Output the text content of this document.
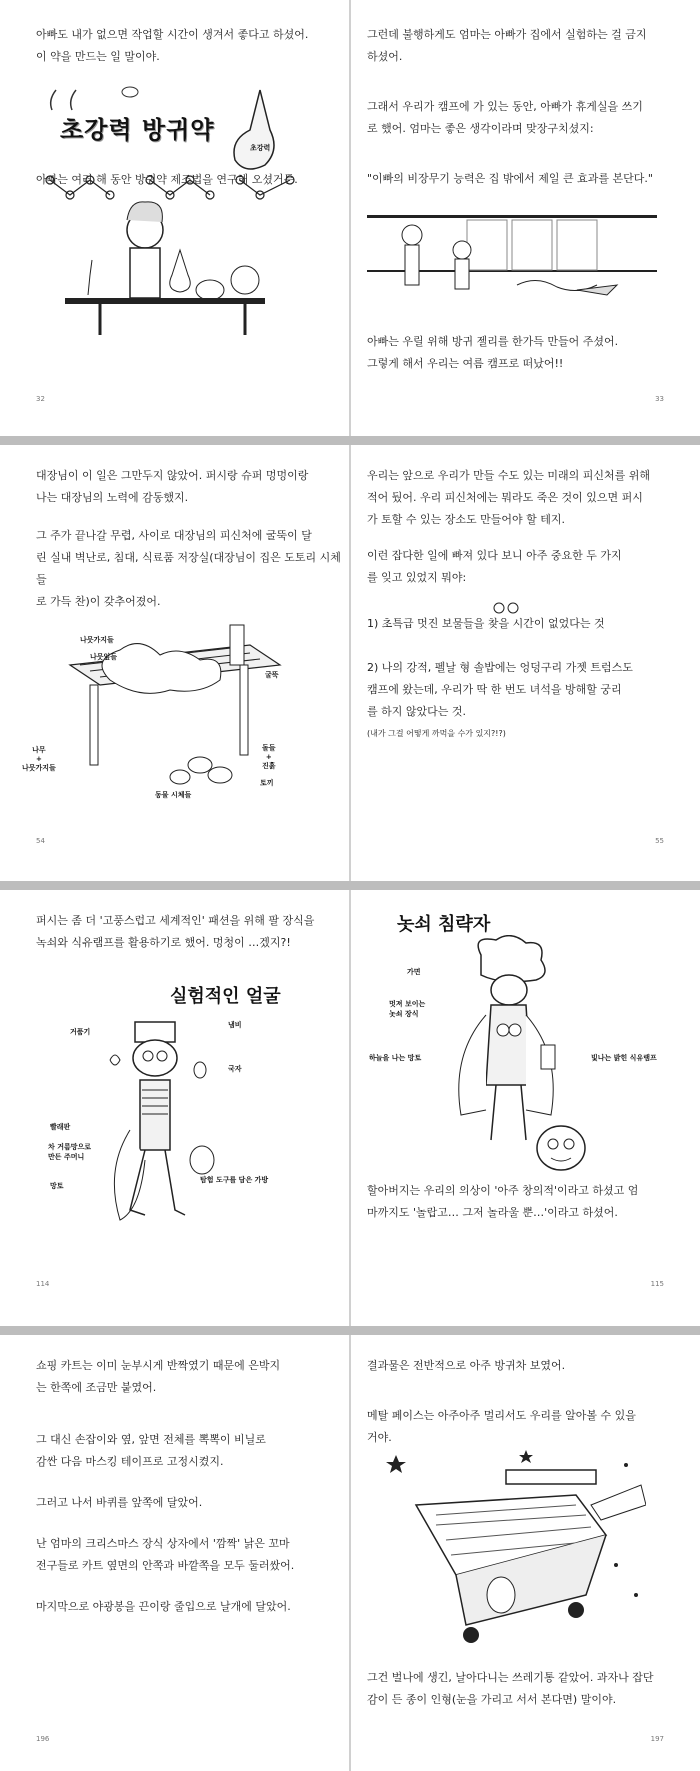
아빠도 내가 없으면 작업할 시간이 생겨서 좋다고 하셨어.
이 약을 만드는 일 말이야.
초강력 방귀약
초강력
아빠는 여러 해 동안 방귀약 제조법을 연구해 오셨거든.
32
그런데 불행하게도 엄마는 아빠가 집에서 실험하는 걸 금지
하셨어.
그래서 우리가 캠프에 가 있는 동안, 아빠가 휴게실을 쓰기
로 했어. 엄마는 좋은 생각이라며 맞장구치셨지:
"이빠의 비장무기 능력은 집 밖에서 제일 큰 효과를 본단다."
아빠는 우릴 위해 방귀 젤리를 한가득 만들어 주셨어.
그렇게 해서 우리는 여름 캠프로 떠났어!!
33
대장님이 이 일은 그만두지 않았어. 퍼시랑 슈퍼 멍멍이랑
나는 대장님의 노력에 감동했지.
그 주가 끝나갈 무렵, 사이로 대장님의 피신처에 굴뚝이 달
린 실내 벽난로, 침대, 식료품 저장실(대장님이 집은 도토리 시체들
로 가득 찬)이 갖추어졌어.
나뭇가지들
나뭇잎들
나무
+
나뭇가지들
굴뚝
돌들
+
진흙
토끼
동물 시체들
54
우리는 앞으로 우리가 만들 수도 있는 미래의 피신처를 위해
적어 뒀어. 우리 피신처에는 뭐라도 죽은 것이 있으면 퍼시
가 토할 수 있는 장소도 만들어야 할 테지.
이런 잡다한 일에 빠져 있다 보니 아주 중요한 두 가지
를 잊고 있었지 뭐야:
1) 초특급 멋진 보물들을 찾을 시간이 없었다는 것
2) 나의 강적, 펠날 형 솔밥에는 엉덩구리 가젯 트럼스도
캠프에 왔는데, 우리가 딱 한 번도 녀석을 방해할 궁리
를 하지 않았다는 것.
(내가 그걸 어떻게 까먹을 수가 있지?!?)
55
퍼시는 좀 더 '고풍스럽고 세계적인' 패션을 위해 팔 장식을
녹쇠와 식유램프를 활용하기로 했어. 멍청이 …겠지?!
실험적인 얼굴
거품기
냄비
국자
빨래판
차 거름망으로
만든 주머니
망토
탐험 도구를 담은 가방
114
놋쇠 침략자
가면
멋져 보이는
놋쇠 장식
하늘을 나는 망토	빛나는 밝힌 식유램프
할아버지는 우리의 의상이 '아주 창의적'이라고 하셨고 엄
마까지도 '놀랍고… 그저 놀라울 뿐…'이라고 하셨어.
115
쇼핑 카트는 이미 눈부시게 반짝였기 때문에 은박지
는 한쪽에 조금만 붙였어.
그 대신 손잡이와 옆, 앞면 전체를 뽁뽁이 비닐로
감싼 다음 마스킹 테이프로 고정시켰지.
그러고 나서 바퀴를 앞쪽에 달았어.
난 엄마의 크리스마스 장식 상자에서 '깜짝' 낡은 꼬마
전구들로 카트 옆면의 안쪽과 바깥쪽을 모두 둘러쌌어.
마지막으로 야광봉을 끈이랑 줄입으로 날개에 달았어.
196
결과물은 전반적으로 아주 방귀차 보였어.
메탈 페이스는 아주아주 멀리서도 우리를 알아볼 수 있을
거야.
그건 벌나에 생긴, 날아다니는 쓰레기통 같았어. 과자나 잡단
감이 든 종이 인형(눈을 가리고 서서 본다면) 말이야.
197
